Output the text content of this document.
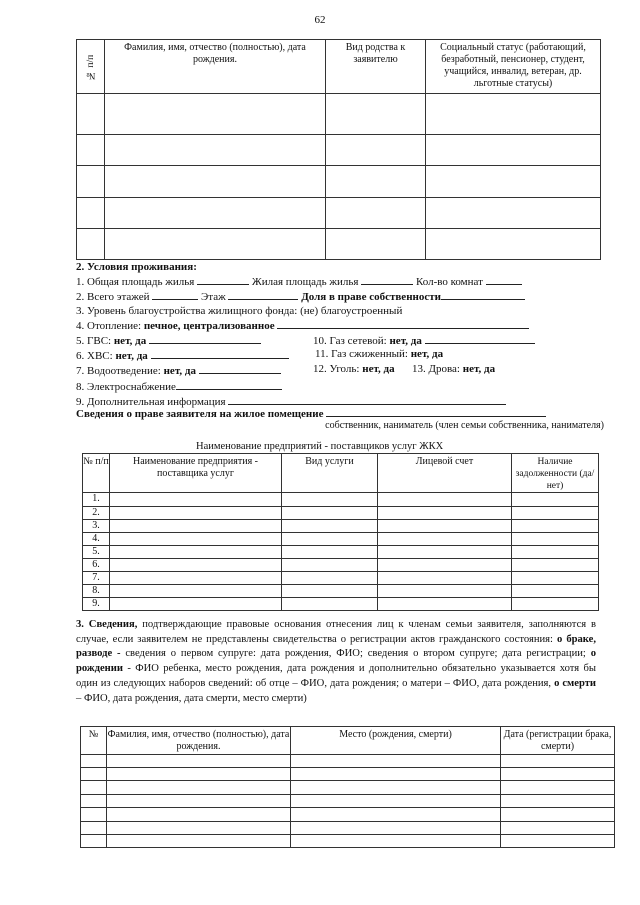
62
№ п/п	Фамилия, имя, отчество (полностью), дата рождения.	Вид родства к заявителю	Социальный статус (работающий, безработный, пенсионер, студент, учащийся, инвалид, ветеран, др. льготные статусы)

2. Условия проживания:
1. Общая площадь жилья	Жилая площадь жилья	Кол-во комнат
2. Всего этажей	Этаж	Доля в праве собственности
3. Уровень благоустройства жилищного фонда: (не) благоустроенный
4. Отопление: печное, централизованное
5. ГВС: нет, да	10. Газ сетевой: нет, да
6. ХВС: нет, да	11. Газ сжиженный: нет, да
7. Водоотведение: нет, да	12. Уголь: нет, да 13. Дрова: нет, да
8. Электроснабжение
9. Дополнительная информация
Сведения о праве заявителя на жилое помещение
собственник, наниматель (член семьи собственника, нанимателя)
Наименование предприятий - поставщиков услуг ЖКХ
№ п/п	Наименование предприятия - поставщика услуг	Вид услуги	Лицевой счет	Наличие задолженности (да/нет)
1.				
2.				
3.				
4.				
5.				
6.				
7.				
8.				
9.				
3. Сведения, подтверждающие правовые основания отнесения лиц к членам семьи заявителя, заполняются в случае, если заявителем не представлены свидетельства о регистрации актов гражданского состояния: о браке, разводе - сведения о первом супруге: дата рождения, ФИО; сведения о втором супруге; дата регистрации; о рождении - ФИО ребенка, место рождения, дата рождения и дополнительно обязательно указывается хотя бы один из следующих наборов сведений: об отце – ФИО, дата рождения; о матери – ФИО, дата рождения, о смерти – ФИО, дата рождения, дата смерти, место смерти)
№	Фамилия, имя, отчество (полностью), дата рождения.	Место (рождения, смерти)	Дата (регистрации брака, смерти)
